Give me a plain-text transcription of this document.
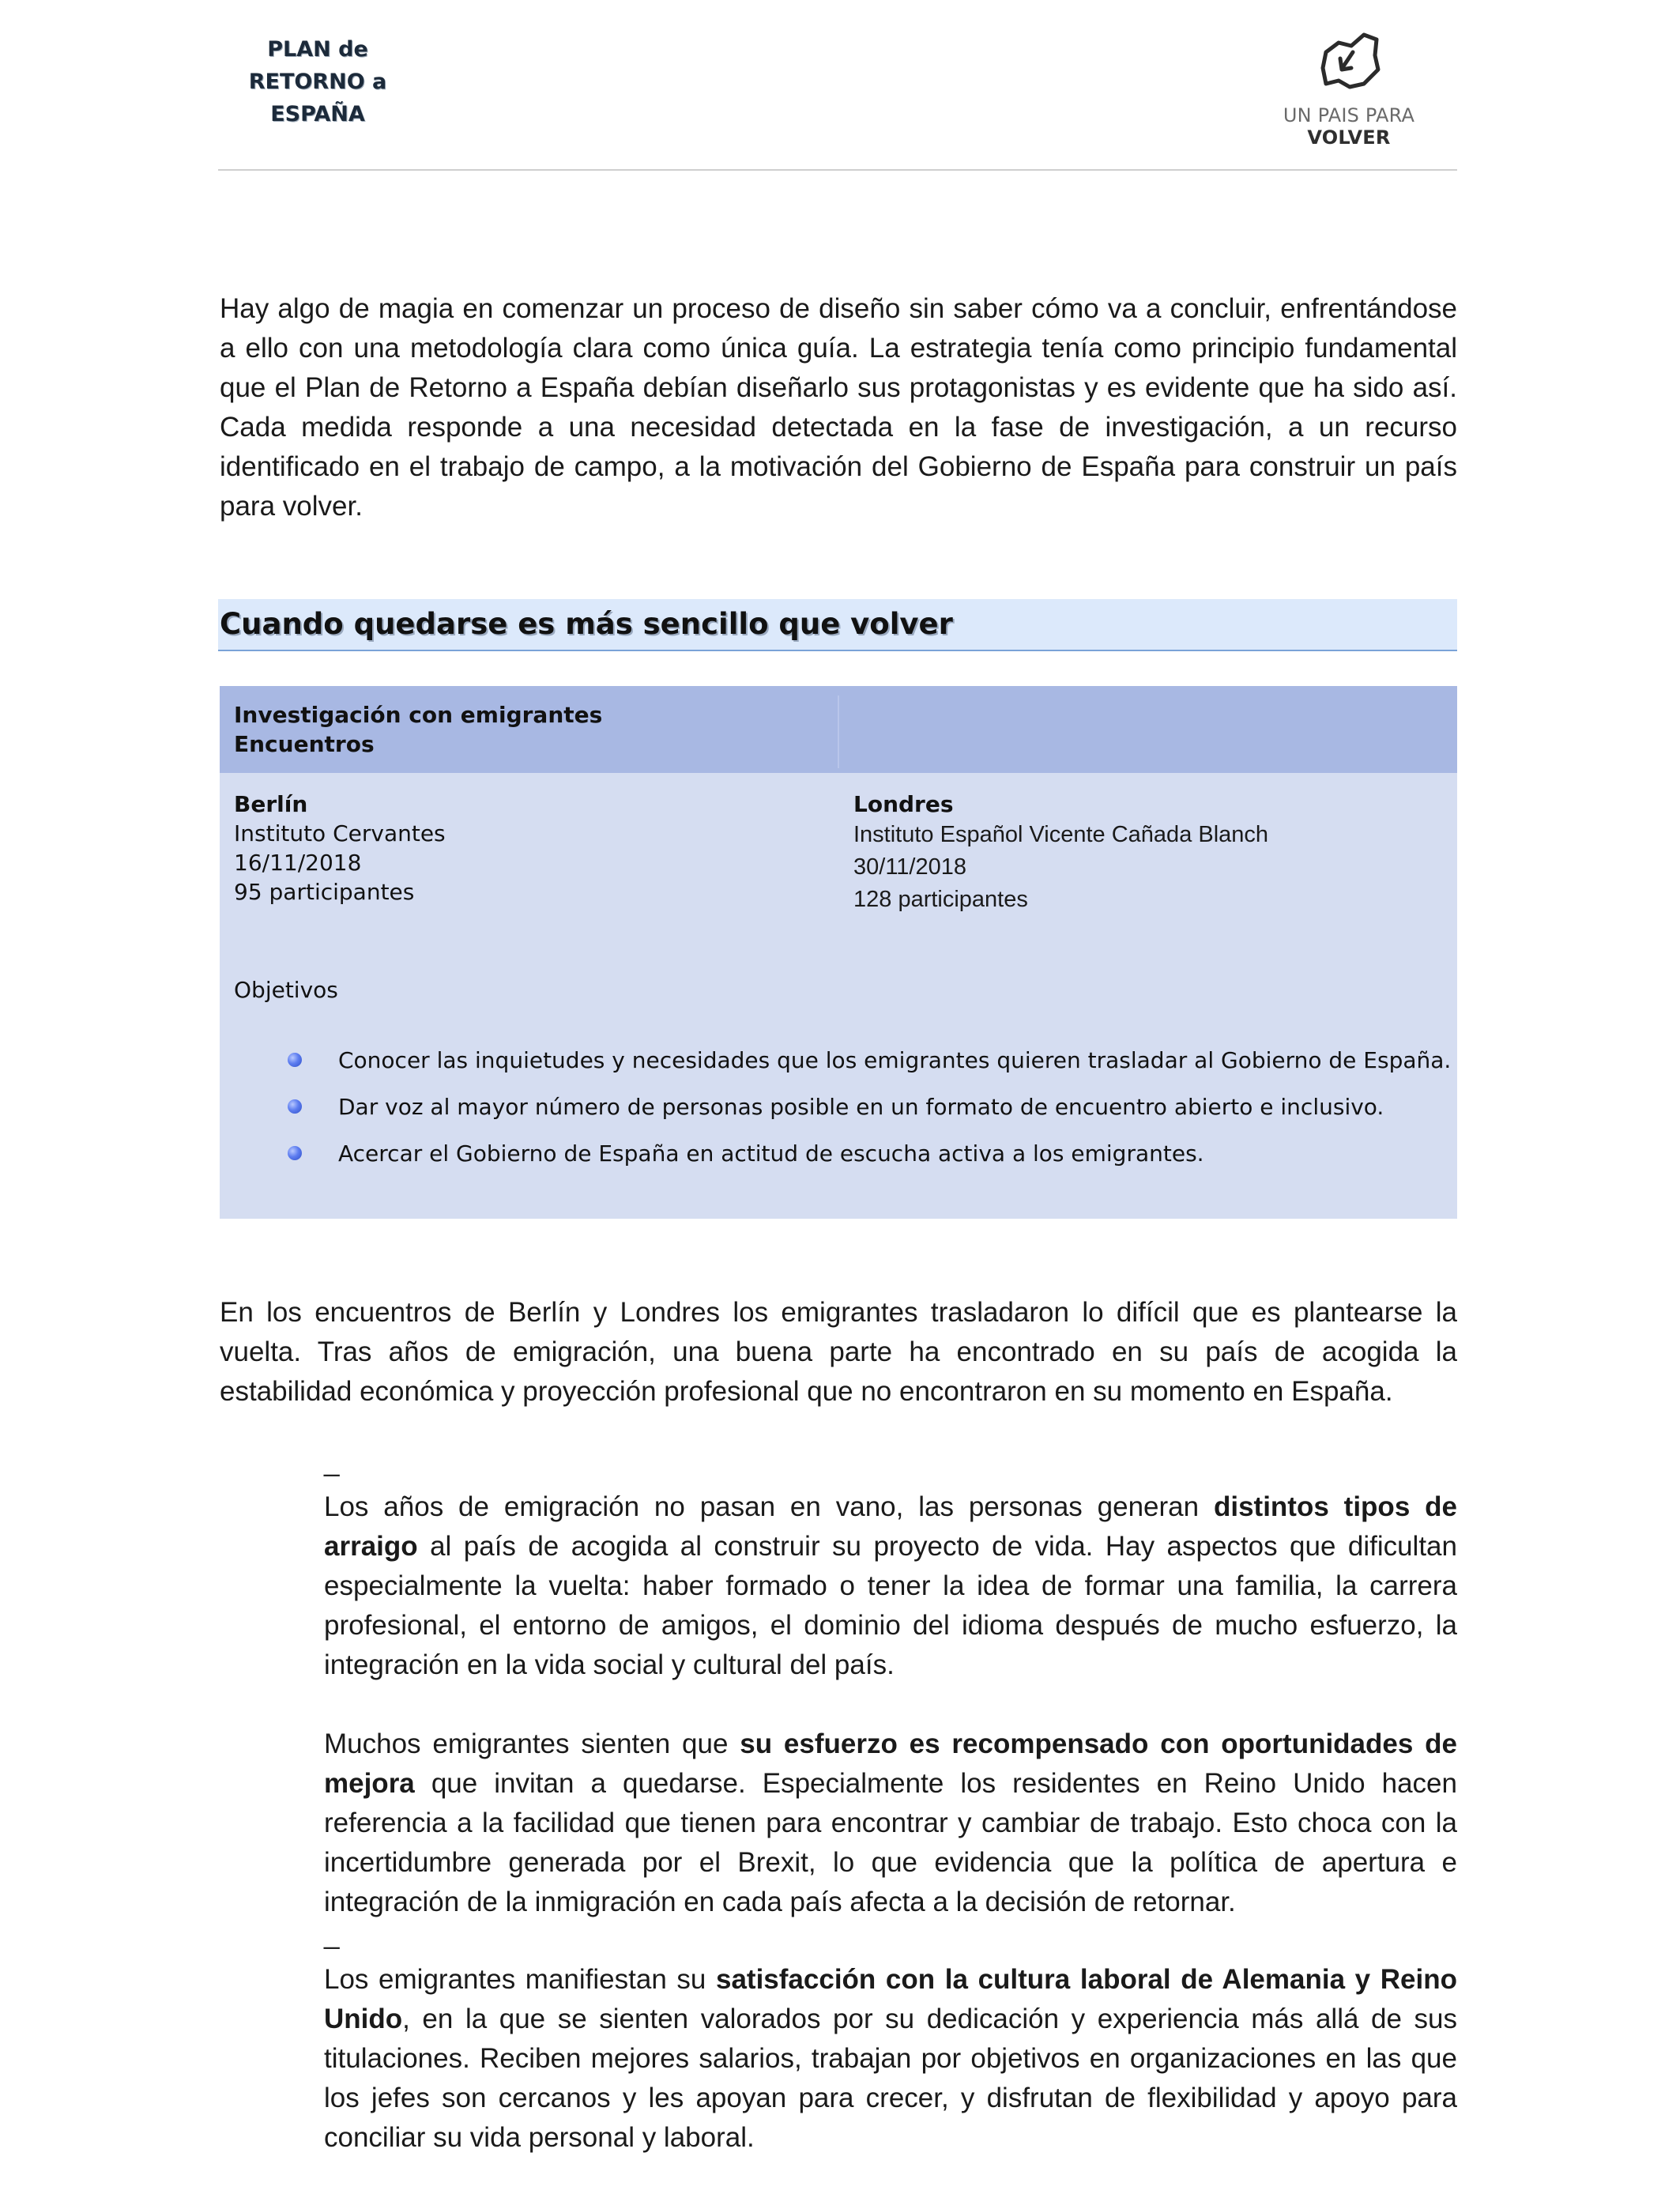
PLAN de
RETORNO a
ESPAÑA	UN PAIS PARA VOLVER
Hay algo de magia en comenzar un proceso de diseño sin saber cómo va a concluir, enfrentándose a ello con una metodología clara como única guía. La estrategia tenía como principio fundamental que el Plan de Retorno a España debían diseñarlo sus protagonistas y es evidente que ha sido así. Cada medida responde a una necesidad detectada en la fase de investigación, a un recurso identificado en el trabajo de campo, a la motivación del Gobierno de España para construir un país para volver.
Cuando quedarse es más sencillo que volver
Investigación con emigrantes
Encuentros
Berlín
Instituto Cervantes
16/11/2018
95 participantes
Londres
Instituto Español Vicente Cañada Blanch
30/11/2018
128 participantes
Objetivos
Conocer las inquietudes y necesidades que los emigrantes quieren trasladar al Gobierno de España.
Dar voz al mayor número de personas posible en un formato de encuentro abierto e inclusivo.
Acercar el Gobierno de España en actitud de escucha activa a los emigrantes.
En los encuentros de Berlín y Londres los emigrantes trasladaron lo difícil que es plantearse la vuelta. Tras años de emigración, una buena parte ha encontrado en su país de acogida la estabilidad económica y proyección profesional que no encontraron en su momento en España.
_
Los años de emigración no pasan en vano, las personas generan distintos tipos de arraigo al país de acogida al construir su proyecto de vida. Hay aspectos que dificultan especialmente la vuelta: haber formado o tener la idea de formar una familia, la carrera profesional, el entorno de amigos, el dominio del idioma después de mucho esfuerzo, la integración en la vida social y cultural del país.
Muchos emigrantes sienten que su esfuerzo es recompensado con oportunidades de mejora que invitan a quedarse. Especialmente los residentes en Reino Unido hacen referencia a la facilidad que tienen para encontrar y cambiar de trabajo. Esto choca con la incertidumbre generada por el Brexit, lo que evidencia que la política de apertura e integración de la inmigración en cada país afecta a la decisión de retornar.
_
Los emigrantes manifiestan su satisfacción con la cultura laboral de Alemania y Reino Unido, en la que se sienten valorados por su dedicación y experiencia más allá de sus titulaciones. Reciben mejores salarios, trabajan por objetivos en organizaciones en las que los jefes son cercanos y les apoyan para crecer, y disfrutan de flexibilidad y apoyo para conciliar su vida personal y laboral.
